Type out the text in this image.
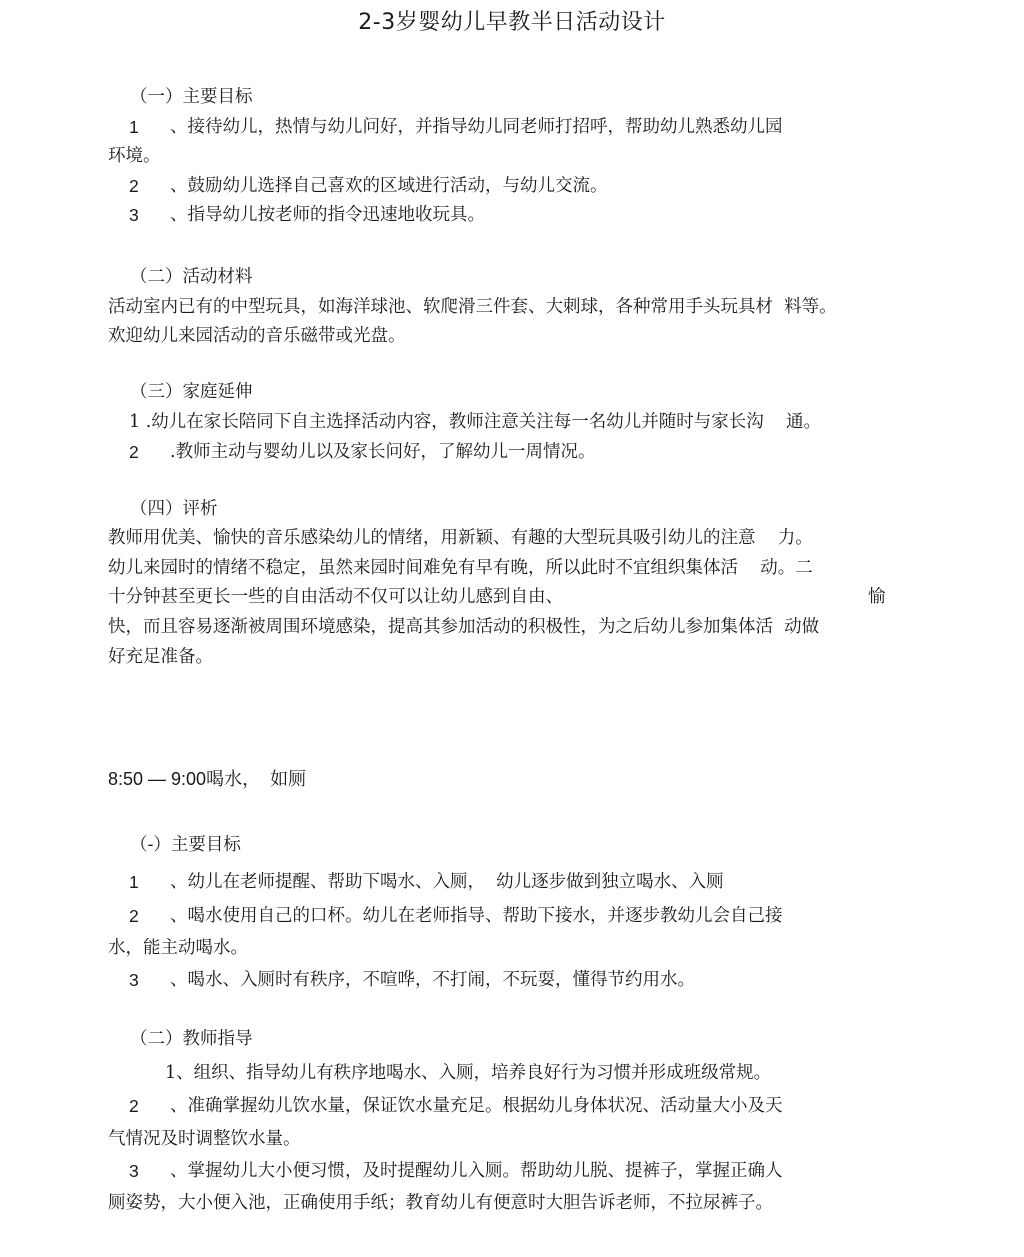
2-3岁婴幼儿早教半日活动设计
（一）主要目标
1 、接待幼儿，热情与幼儿问好，并指导幼儿同老师打招呼，帮助幼儿熟悉幼儿园
环境。
2 、鼓励幼儿选择自己喜欢的区域进行活动，与幼儿交流。
3 、指导幼儿按老师的指令迅速地收玩具。
（二）活动材料
活动室内已有的中型玩具，如海洋球池、软爬滑三件套、大刺球，各种常用手头玩具材  料等。
欢迎幼儿来园活动的音乐磁带或光盘。
（三）家庭延伸
1 .幼儿在家长陪同下自主选择活动内容，教师注意关注每一名幼儿并随时与家长沟    通。
2 .教师主动与婴幼儿以及家长问好，了解幼儿一周情况。
（四）评析
教师用优美、愉快的音乐感染幼儿的情绪，用新颖、有趣的大型玩具吸引幼儿的注意    力。
幼儿来园时的情绪不稳定，虽然来园时间难免有早有晚，所以此时不宜组织集体活    动。二
十分钟甚至更长一些的自由活动不仅可以让幼儿感到自由、	愉
快，而且容易逐渐被周围环境感染，提高其参加活动的积极性，为之后幼儿参加集体活  动做
好充足准备。
8:50 — 9:00喝水，  如厕
（-）主要目标
1 、幼儿在老师提醒、帮助下喝水、入厕，  幼儿逐步做到独立喝水、入厕
2 、喝水使用自己的口杯。幼儿在老师指导、帮助下接水，并逐步教幼儿会自己接
水，能主动喝水。
3 、喝水、入厕时有秩序，不喧哗，不打闹，不玩耍，懂得节约用水。
（二）教师指导
1、组织、指导幼儿有秩序地喝水、入厕，培养良好行为习惯并形成班级常规。
2 、准确掌握幼儿饮水量，保证饮水量充足。根据幼儿身体状况、活动量大小及天
气情况及时调整饮水量。
3 、掌握幼儿大小便习惯，及时提醒幼儿入厕。帮助幼儿脱、提裤子，掌握正确人
厕姿势，大小便入池，正确使用手纸；教育幼儿有便意时大胆告诉老师，不拉尿裤子。
